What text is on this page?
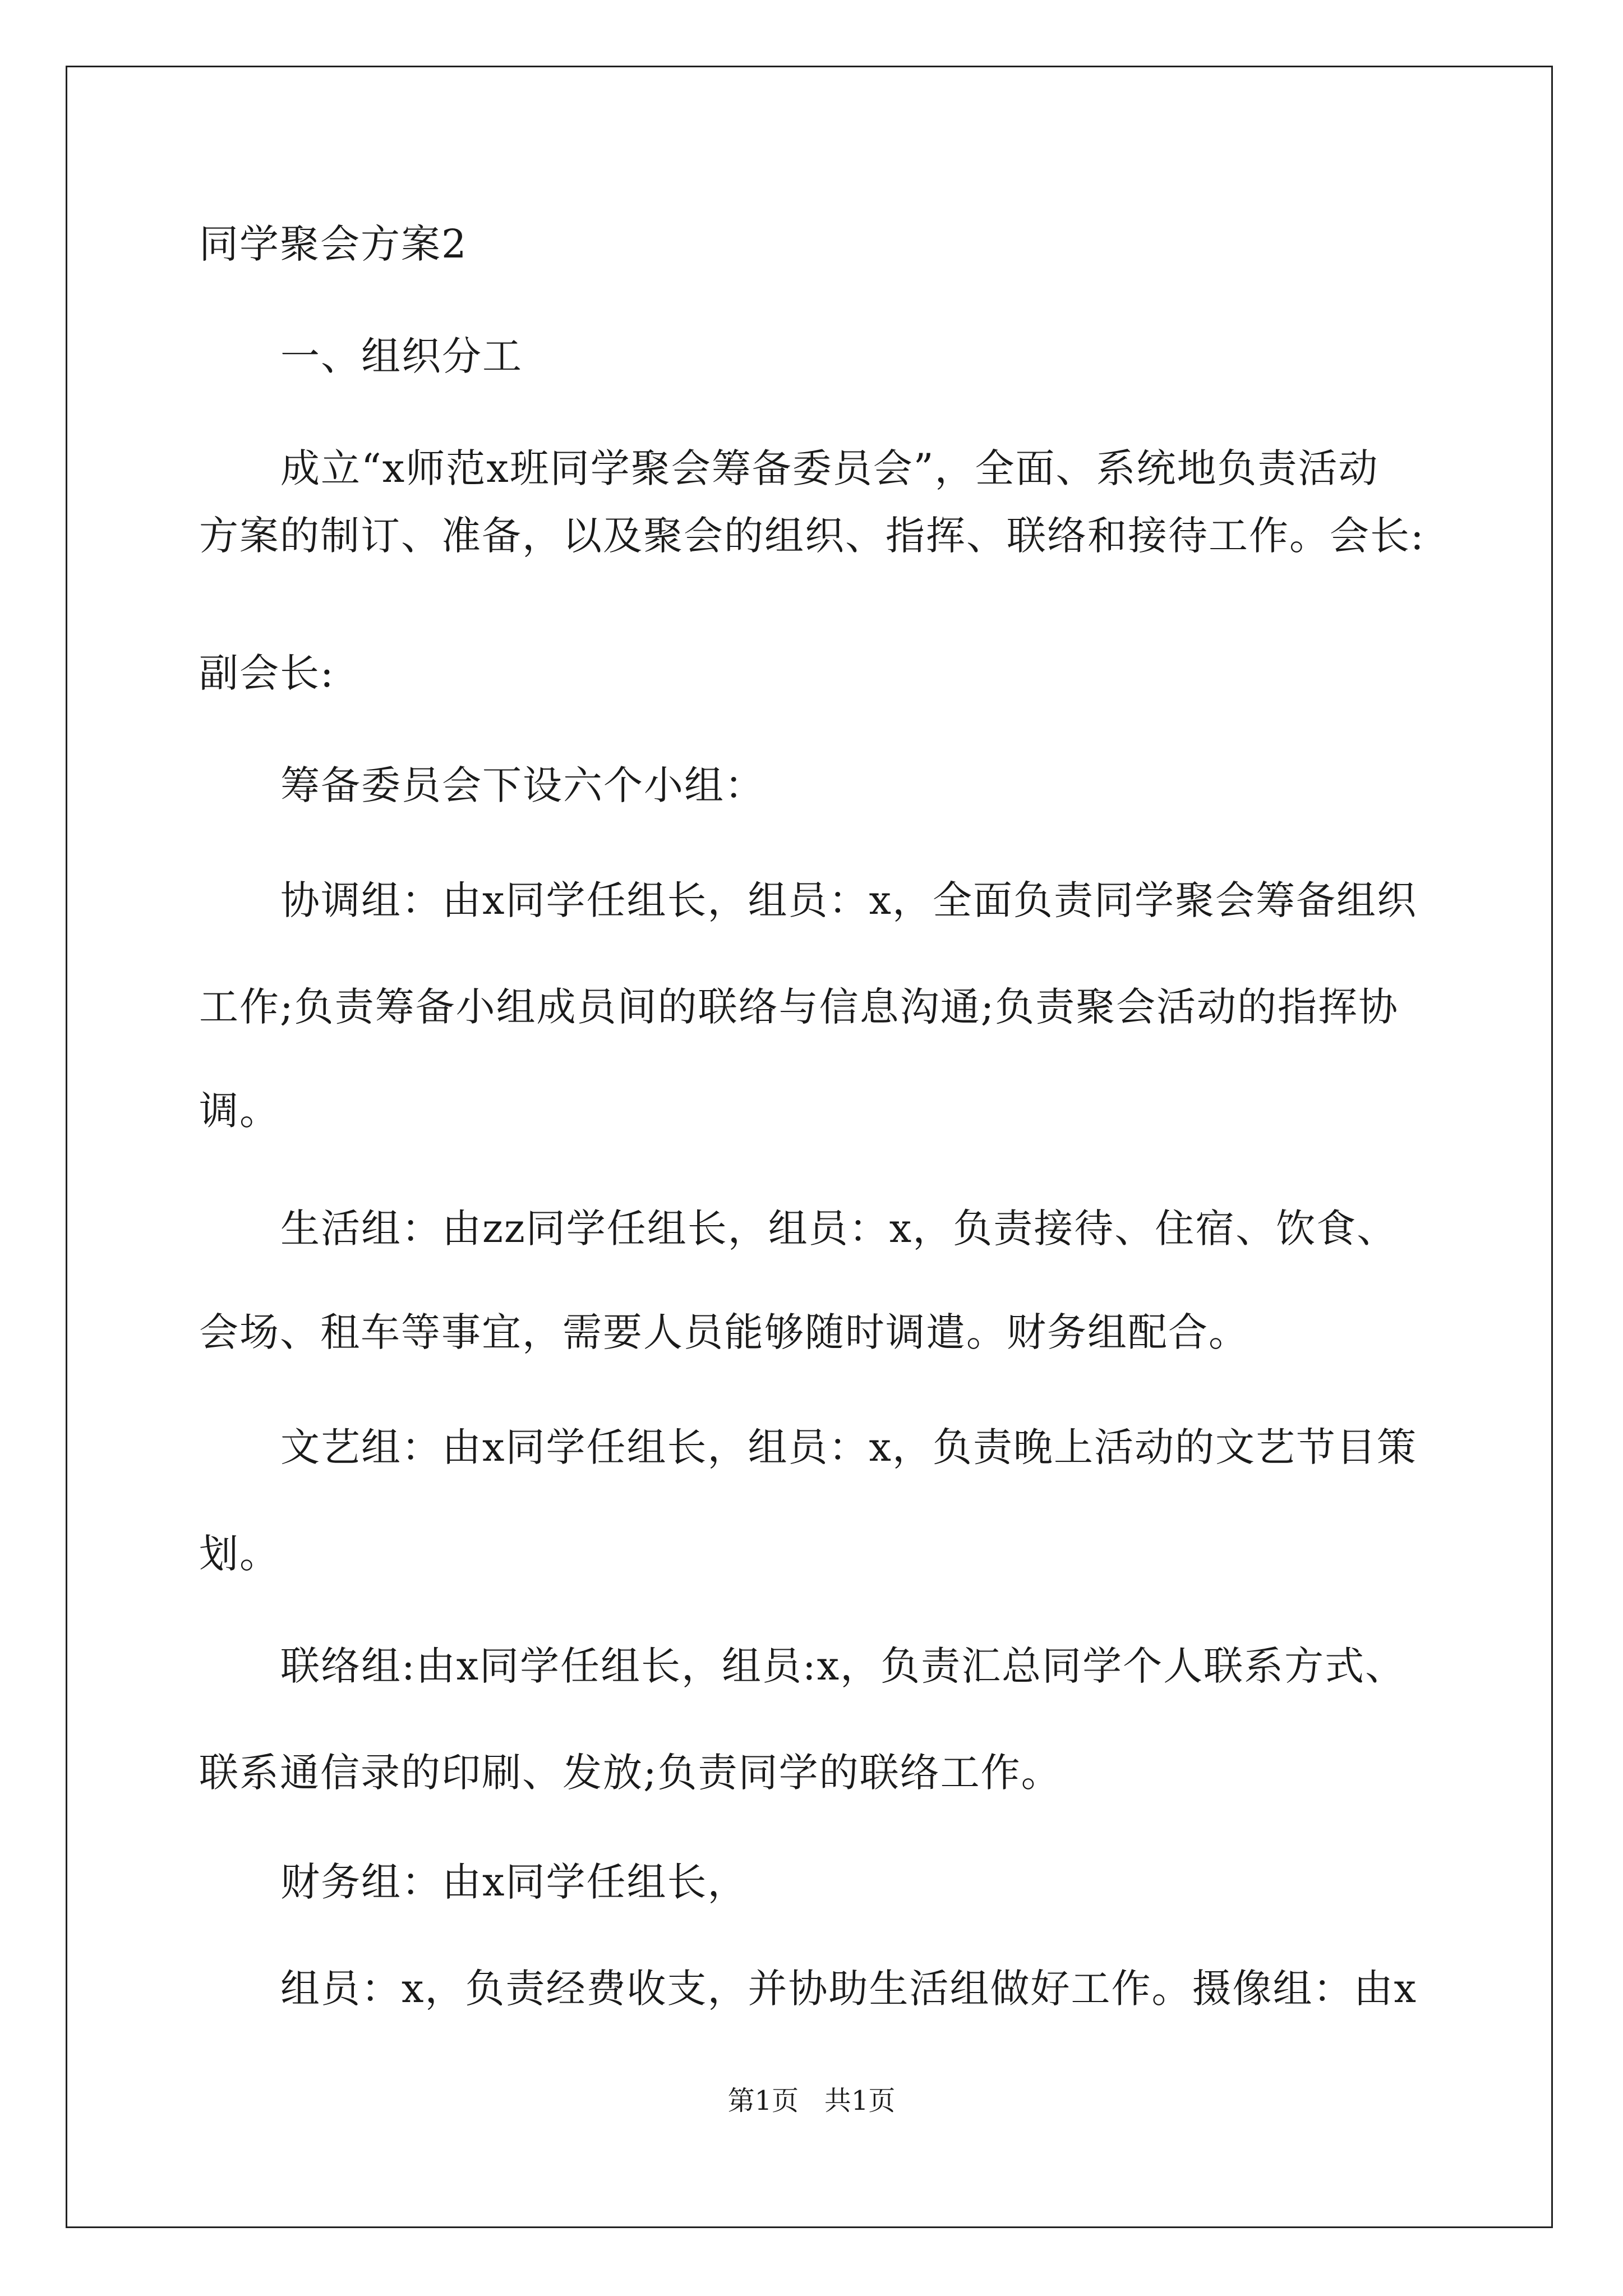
同学聚会方案2
一、组织分工
成立“x师范x班同学聚会筹备委员会”，全面、系统地负责活动
方案的制订、准备，以及聚会的组织、指挥、联络和接待工作。会长:
副会长:
筹备委员会下设六个小组：
协调组：由x同学任组长，组员：x，全面负责同学聚会筹备组织
工作;负责筹备小组成员间的联络与信息沟通;负责聚会活动的指挥协
调。
生活组：由zz同学任组长，组员：x，负责接待、住宿、饮食、
会场、租车等事宜，需要人员能够随时调遣。财务组配合。
文艺组：由x同学任组长，组员：x，负责晚上活动的文艺节目策
划。
联络组:由x同学任组长，组员:x，负责汇总同学个人联系方式、
联系通信录的印刷、发放;负责同学的联络工作。
财务组：由x同学任组长，
组员：x，负责经费收支，并协助生活组做好工作。摄像组：由x
第1页   共1页
